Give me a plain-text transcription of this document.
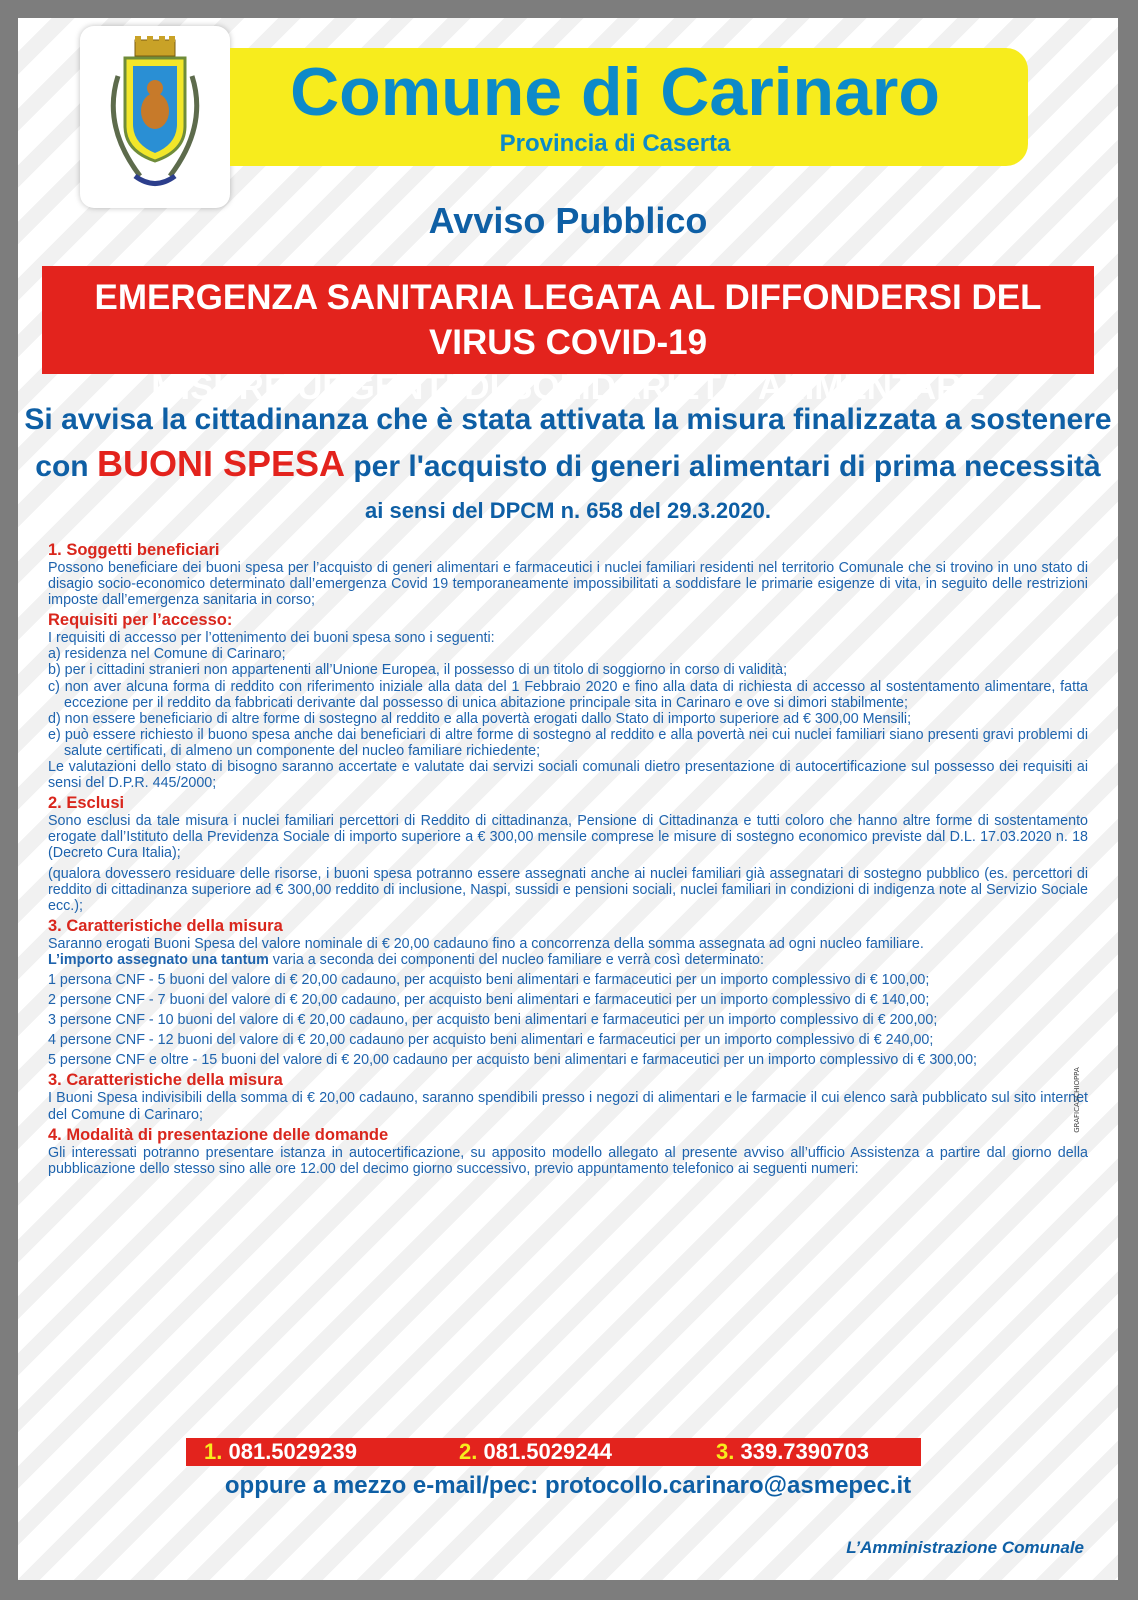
Comune di Carinaro
Provincia di Caserta
Avviso Pubblico
EMERGENZA SANITARIA LEGATA AL DIFFONDERSI DEL VIRUS COVID-19
MISURE URGENTI DI SOLIDARIETA’ ALIMENTARE
Si avvisa la cittadinanza che è stata attivata la misura finalizzata a sostenere
con BUONI SPESA per l'acquisto di generi alimentari di prima necessità
ai sensi del DPCM n. 658 del 29.3.2020.

1. Soggetti beneficiari

Possono beneficiare dei buoni spesa per l’acquisto di generi alimentari e farmaceutici i nuclei familiari residenti nel territorio Comunale che si trovino in uno stato di disagio socio-economico determinato dall’emergenza Covid 19 temporaneamente impossibilitati a soddisfare le primarie esigenze di vita, in seguito delle restrizioni imposte dall’emergenza sanitaria in corso;

Requisiti per l’accesso:

I requisiti di accesso per l’ottenimento dei buoni spesa sono i seguenti:

a) residenza nel Comune di Carinaro;

b) per i cittadini stranieri non appartenenti all’Unione Europea, il possesso di un titolo di soggiorno in corso di validità;

c) non aver alcuna forma di reddito con riferimento iniziale alla data del 1 Febbraio 2020 e fino alla data di richiesta di accesso al sostentamento alimentare, fatta eccezione per il reddito da fabbricati derivante dal possesso di unica abitazione principale sita in Carinaro e ove si dimori stabilmente;

d) non essere beneficiario di altre forme di sostegno al reddito e alla povertà erogati dallo Stato di importo superiore ad € 300,00 Mensili;

e) può essere richiesto il buono spesa anche dai beneficiari di altre forme di sostegno al reddito e alla povertà nei cui nuclei familiari siano presenti gravi problemi di salute certificati, di almeno un componente del nucleo familiare richiedente;

Le valutazioni dello stato di bisogno saranno accertate e valutate dai servizi sociali comunali dietro presentazione di autocertificazione sul possesso dei requisiti ai sensi del D.P.R. 445/2000;

2. Esclusi

Sono esclusi da tale misura i nuclei familiari percettori di Reddito di cittadinanza, Pensione di Cittadinanza e tutti coloro che hanno altre forme di sostentamento erogate dall’Istituto della Previdenza Sociale di importo superiore a € 300,00 mensile comprese le misure di sostegno economico previste dal D.L. 17.03.2020 n. 18 (Decreto Cura Italia);

(qualora dovessero residuare delle risorse, i buoni spesa potranno essere assegnati anche ai nuclei familiari già assegnatari di sostegno pubblico (es. percettori di reddito di cittadinanza superiore ad € 300,00 reddito di inclusione, Naspi, sussidi e pensioni sociali, nuclei familiari in condizioni di indigenza note al Servizio Sociale ecc.);

3. Caratteristiche della misura

Saranno erogati Buoni Spesa del valore nominale di € 20,00 cadauno fino a concorrenza della somma assegnata ad ogni nucleo familiare.

L’importo assegnato una tantum varia a seconda dei componenti del nucleo familiare e verrà così determinato:

1 persona CNF - 5 buoni del valore di € 20,00 cadauno, per acquisto beni alimentari e farmaceutici per un importo complessivo di € 100,00;

2 persone CNF - 7 buoni del valore di € 20,00 cadauno, per acquisto beni alimentari e farmaceutici per un importo complessivo di € 140,00;

3 persone CNF - 10 buoni del valore di € 20,00 cadauno, per acquisto beni alimentari e farmaceutici per un importo complessivo di € 200,00;

4 persone CNF - 12 buoni del valore di € 20,00 cadauno per acquisto beni alimentari e farmaceutici per un importo complessivo di € 240,00;

5 persone CNF e oltre - 15 buoni del valore di € 20,00 cadauno per acquisto beni alimentari e farmaceutici per un importo complessivo di € 300,00;

3. Caratteristiche della misura

I Buoni Spesa indivisibili della somma di € 20,00 cadauno, saranno spendibili presso i negozi di alimentari e le farmacie il cui elenco sarà pubblicato sul sito internet del Comune di Carinaro;

4. Modalità di presentazione delle domande

Gli interessati potranno presentare istanza in autocertificazione, su apposito modello allegato al presente avviso all’ufficio Assistenza a partire dal giorno della pubblicazione dello stesso sino alle ore 12.00 del decimo giorno successivo, previo appuntamento telefonico ai seguenti numeri:

1. 081.5029239	2. 081.5029244	3. 339.7390703
oppure a mezzo e-mail/pec: protocollo.carinaro@asmepec.it
L’Amministrazione Comunale
GRAFICASCHIOPPA
